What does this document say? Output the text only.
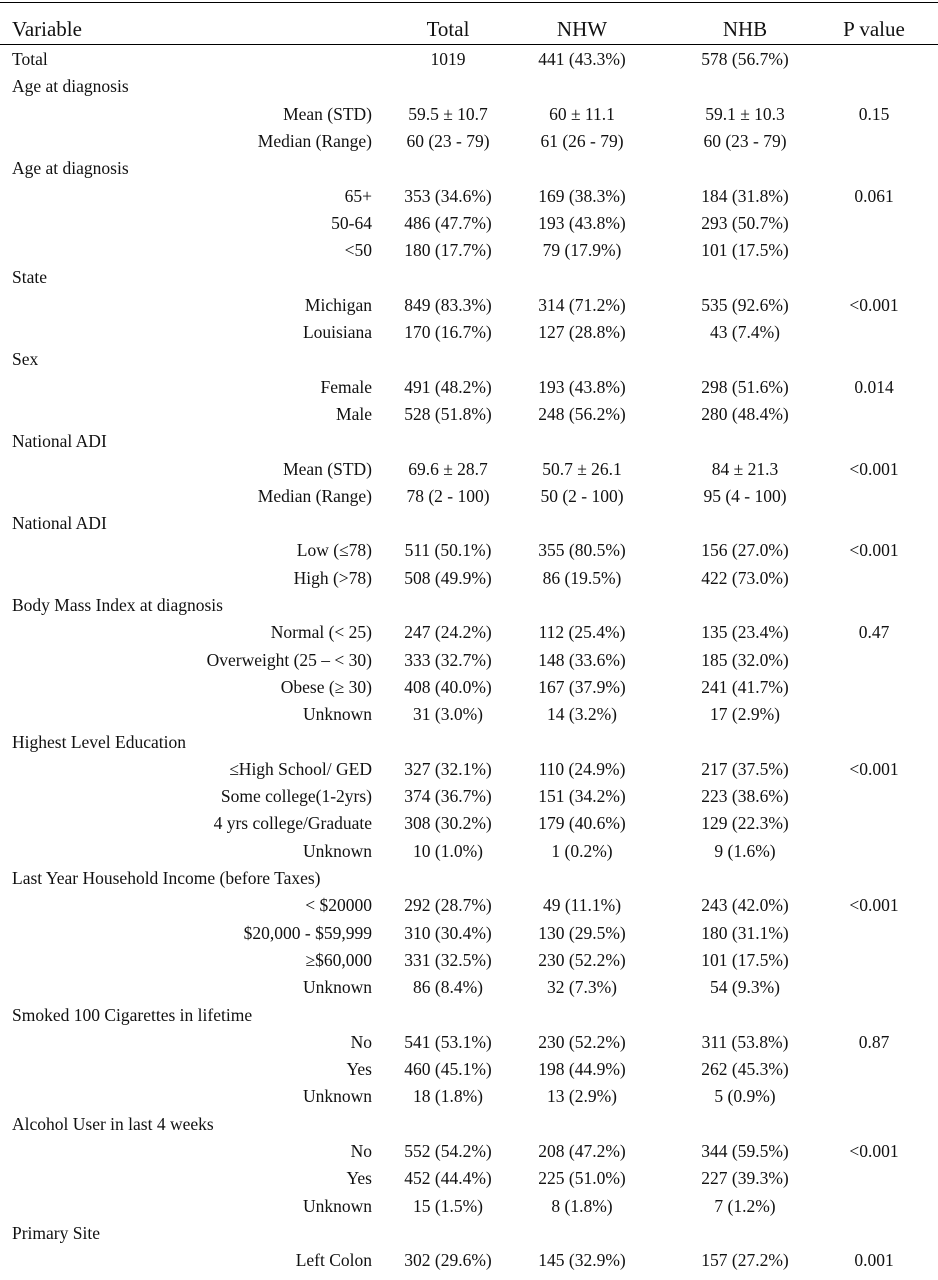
Variable	Total	NHW	NHB	P value
Total	1019	441 (43.3%)	578 (56.7%)
Age at diagnosis
Mean (STD)	59.5 ± 10.7	60 ± 11.1	59.1 ± 10.3	0.15
Median (Range)	60 (23 - 79)	61 (26 - 79)	60 (23 - 79)
Age at diagnosis
65+	353 (34.6%)	169 (38.3%)	184 (31.8%)	0.061
50-64	486 (47.7%)	193 (43.8%)	293 (50.7%)
<50	180 (17.7%)	79 (17.9%)	101 (17.5%)
State
Michigan	849 (83.3%)	314 (71.2%)	535 (92.6%)	<0.001
Louisiana	170 (16.7%)	127 (28.8%)	43 (7.4%)
Sex
Female	491 (48.2%)	193 (43.8%)	298 (51.6%)	0.014
Male	528 (51.8%)	248 (56.2%)	280 (48.4%)
National ADI
Mean (STD)	69.6 ± 28.7	50.7 ± 26.1	84 ± 21.3	<0.001
Median (Range)	78 (2 - 100)	50 (2 - 100)	95 (4 - 100)
National ADI
Low (≤78)	511 (50.1%)	355 (80.5%)	156 (27.0%)	<0.001
High (>78)	508 (49.9%)	86 (19.5%)	422 (73.0%)
Body Mass Index at diagnosis
Normal (< 25)	247 (24.2%)	112 (25.4%)	135 (23.4%)	0.47
Overweight (25 – < 30)	333 (32.7%)	148 (33.6%)	185 (32.0%)
Obese (≥ 30)	408 (40.0%)	167 (37.9%)	241 (41.7%)
Unknown	31 (3.0%)	14 (3.2%)	17 (2.9%)
Highest Level Education
≤High School/ GED	327 (32.1%)	110 (24.9%)	217 (37.5%)	<0.001
Some college(1-2yrs)	374 (36.7%)	151 (34.2%)	223 (38.6%)
4 yrs college/Graduate	308 (30.2%)	179 (40.6%)	129 (22.3%)
Unknown	10 (1.0%)	1 (0.2%)	9 (1.6%)
Last Year Household Income (before Taxes)
< $20000	292 (28.7%)	49 (11.1%)	243 (42.0%)	<0.001
$20,000 - $59,999	310 (30.4%)	130 (29.5%)	180 (31.1%)
≥$60,000	331 (32.5%)	230 (52.2%)	101 (17.5%)
Unknown	86 (8.4%)	32 (7.3%)	54 (9.3%)
Smoked 100 Cigarettes in lifetime
No	541 (53.1%)	230 (52.2%)	311 (53.8%)	0.87
Yes	460 (45.1%)	198 (44.9%)	262 (45.3%)
Unknown	18 (1.8%)	13 (2.9%)	5 (0.9%)
Alcohol User in last 4 weeks
No	552 (54.2%)	208 (47.2%)	344 (59.5%)	<0.001
Yes	452 (44.4%)	225 (51.0%)	227 (39.3%)
Unknown	15 (1.5%)	8 (1.8%)	7 (1.2%)
Primary Site
Left Colon	302 (29.6%)	145 (32.9%)	157 (27.2%)	0.001
